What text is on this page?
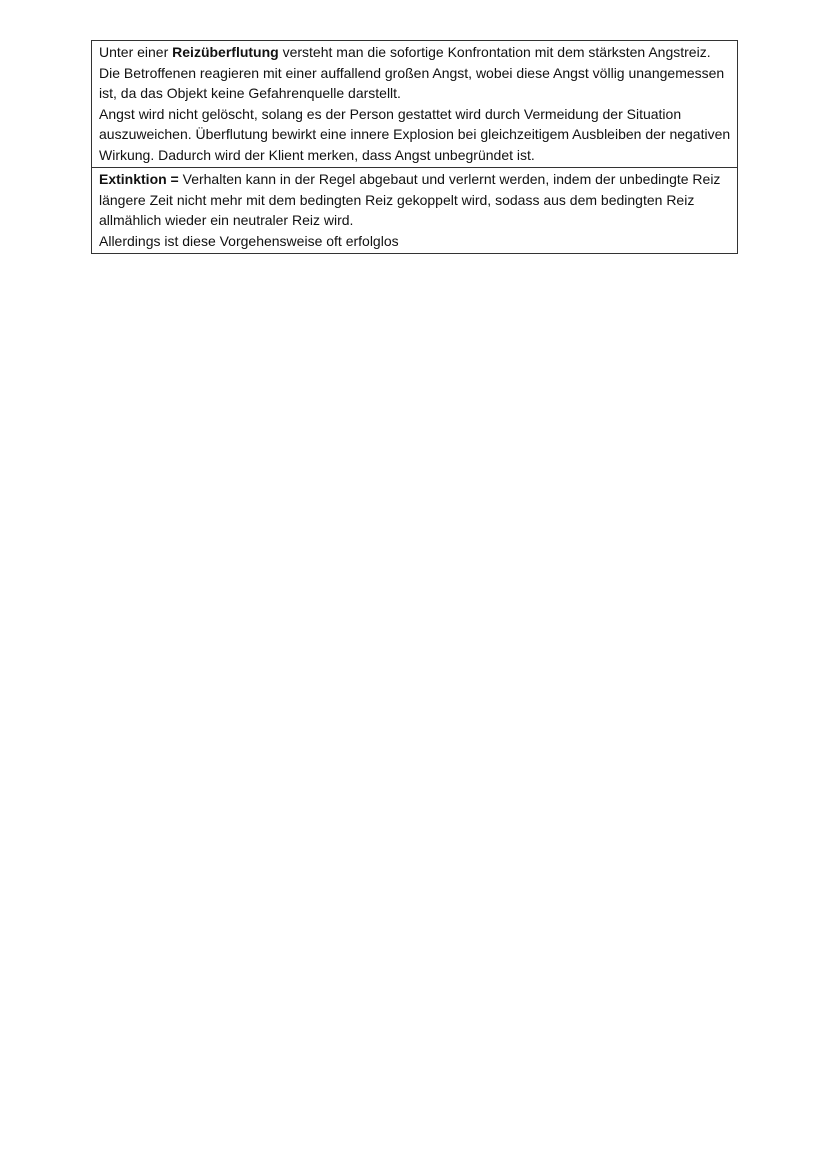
Unter einer Reizüberflutung versteht man die sofortige Konfrontation mit dem stärksten Angstreiz. Die Betroffenen reagieren mit einer auffallend großen Angst, wobei diese Angst völlig unangemessen ist, da das Objekt keine Gefahrenquelle darstellt.

Angst wird nicht gelöscht, solang es der Person gestattet wird durch Vermeidung der Situation auszuweichen. Überflutung bewirkt eine innere Explosion bei gleichzeitigem Ausbleiben der negativen Wirkung. Dadurch wird der Klient merken, dass Angst unbegründet ist.

Extinktion = Verhalten kann in der Regel abgebaut und verlernt werden, indem der unbedingte Reiz längere Zeit nicht mehr mit dem bedingten Reiz gekoppelt wird, sodass aus dem bedingten Reiz allmählich wieder ein neutraler Reiz wird.

Allerdings ist diese Vorgehensweise oft erfolglos
